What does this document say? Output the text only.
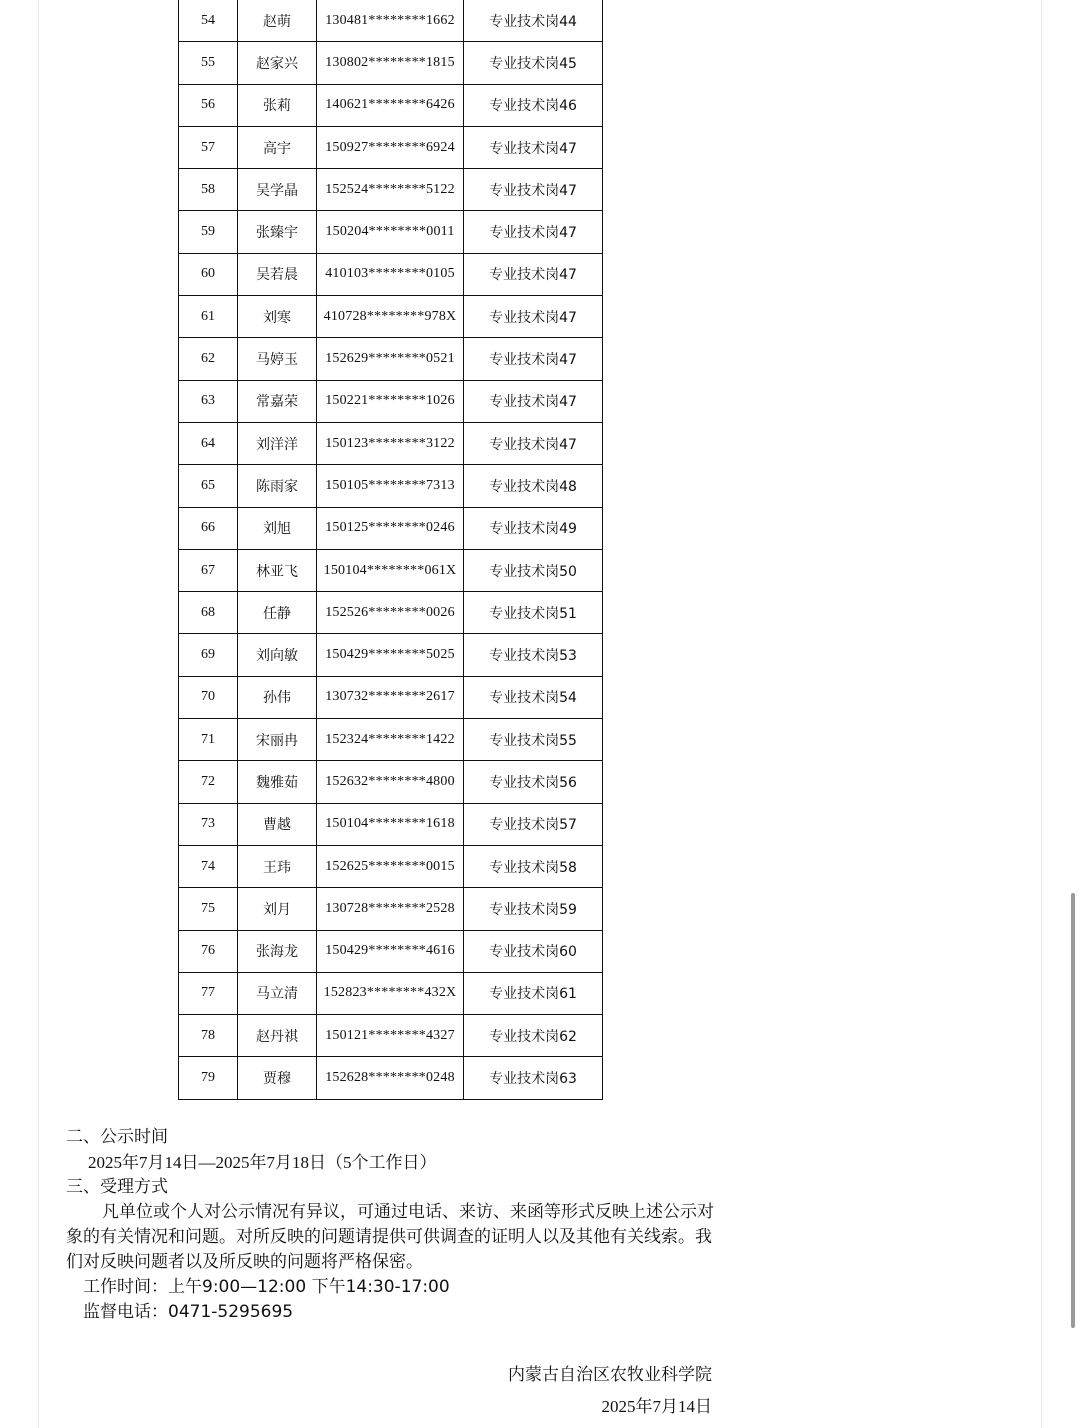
54	赵萌	130481********1662	专业技术岗44
55	赵家兴	130802********1815	专业技术岗45
56	张莉	140621********6426	专业技术岗46
57	高宇	150927********6924	专业技术岗47
58	吴学晶	152524********5122	专业技术岗47
59	张臻宇	150204********0011	专业技术岗47
60	吴若晨	410103********0105	专业技术岗47
61	刘寒	410728********978X	专业技术岗47
62	马婷玉	152629********0521	专业技术岗47
63	常嘉荣	150221********1026	专业技术岗47
64	刘洋洋	150123********3122	专业技术岗47
65	陈雨家	150105********7313	专业技术岗48
66	刘旭	150125********0246	专业技术岗49
67	林亚飞	150104********061X	专业技术岗50
68	任静	152526********0026	专业技术岗51
69	刘向敏	150429********5025	专业技术岗53
70	孙伟	130732********2617	专业技术岗54
71	宋丽冉	152324********1422	专业技术岗55
72	魏雅茹	152632********4800	专业技术岗56
73	曹越	150104********1618	专业技术岗57
74	王玮	152625********0015	专业技术岗58
75	刘月	130728********2528	专业技术岗59
76	张海龙	150429********4616	专业技术岗60
77	马立清	152823********432X	专业技术岗61
78	赵丹祺	150121********4327	专业技术岗62
79	贾穆	152628********0248	专业技术岗63

二、公示时间

2025年7月14日—2025年7月18日（5个工作日）

三、受理方式

凡单位或个人对公示情况有异议，可通过电话、来访、来函等形式反映上述公示对象的有关情况和问题。对所反映的问题请提供可供调查的证明人以及其他有关线索。我们对反映问题者以及所反映的问题将严格保密。

工作时间：上午9:00—12:00 下午14:30-17:00

监督电话：0471-5295695

内蒙古自治区农牧业科学院
2025年7月14日
